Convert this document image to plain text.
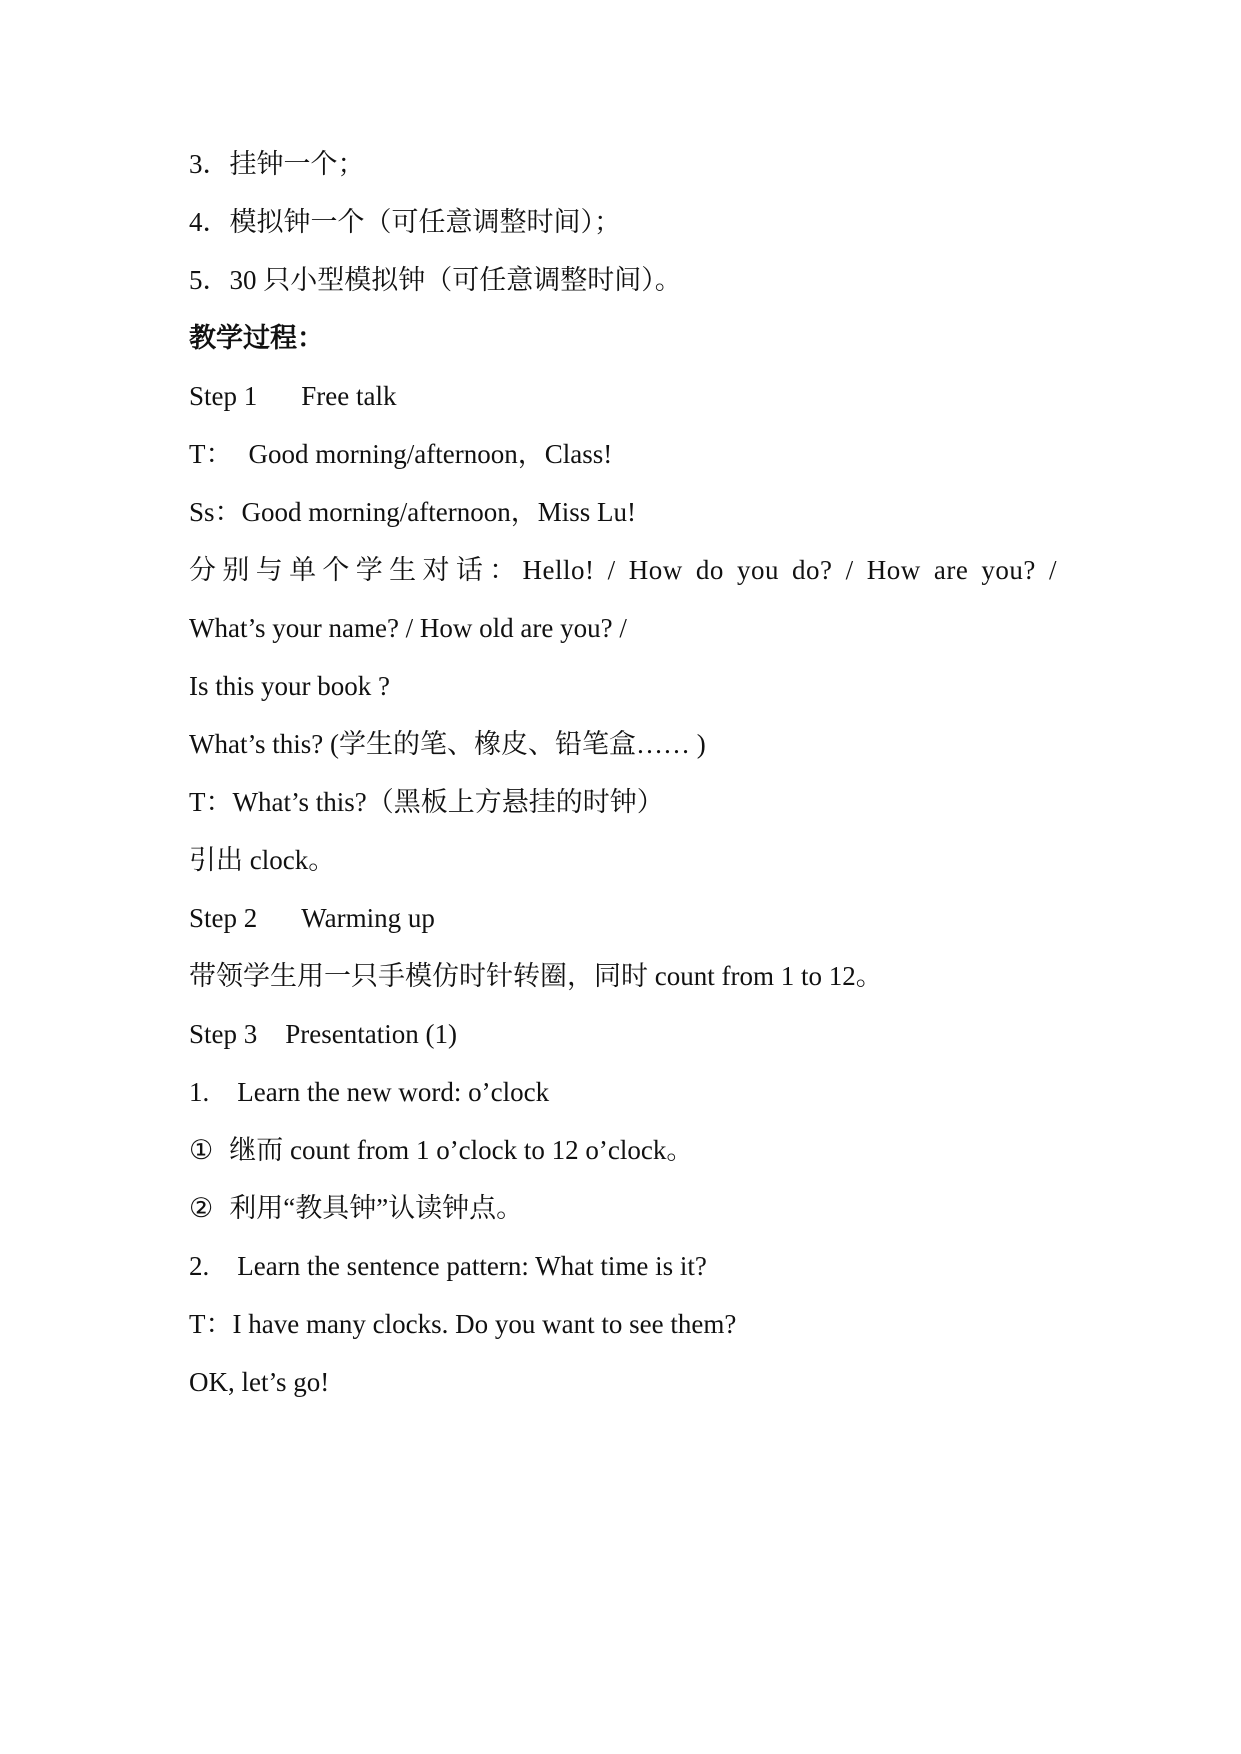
3．挂钟一个；
4．模拟钟一个（可任意调整时间）；
5．30 只小型模拟钟（可任意调整时间）。
教学过程：
Step 1 Free talk
T： Good morning/afternoon，Class!
Ss：Good morning/afternoon，Miss Lu!
分别与单个学生对话：Hello! / How do you do? / How are you? /
What’s your name? / How old are you? /
Is this your book ?
What’s this? (学生的笔、橡皮、铅笔盒…… )
T：What’s this?（黑板上方悬挂的时钟）
引出 clock。
Step 2 Warming up
带领学生用一只手模仿时针转圈，同时 count from 1 to 12。
Step 3 Presentation (1)
1. Learn the new word: o’clock
① 继而 count from 1 o’clock to 12 o’clock。
② 利用“教具钟”认读钟点。
2. Learn the sentence pattern: What time is it?
T：I have many clocks. Do you want to see them?
OK, let’s go!
